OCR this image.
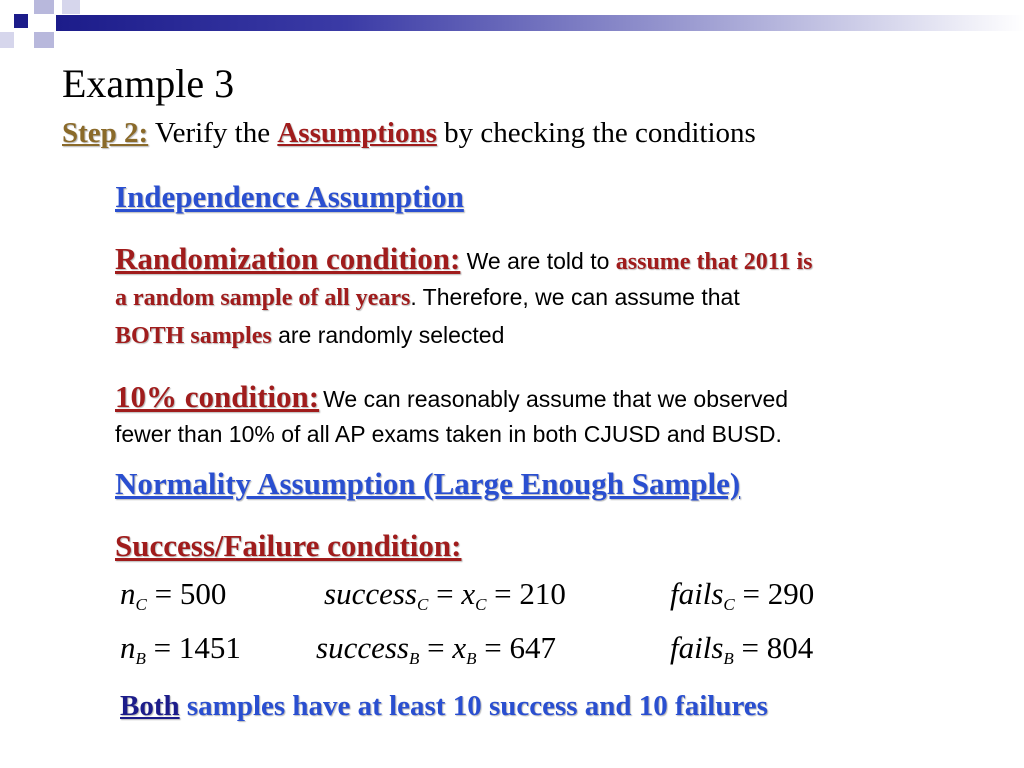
Example 3
Step 2: Verify the Assumptions by checking the conditions
Independence Assumption
Randomization condition: We are told to assume that 2011 is
a random sample of all years. Therefore, we can assume that
BOTH samples are randomly selected
10% condition: We can reasonably assume that we observed
fewer than 10% of all AP exams taken in both CJUSD and BUSD.
Normality Assumption (Large Enough Sample)
Success/Failure condition:
$n_C = 500$	success$_C$ = $x_C = 210$	fails$_C$ = 290
$n_B = 1451$ success$_B$ = $x_B = 647$	fails$_B$ = 804
Both samples have at least 10 success and 10 failures
